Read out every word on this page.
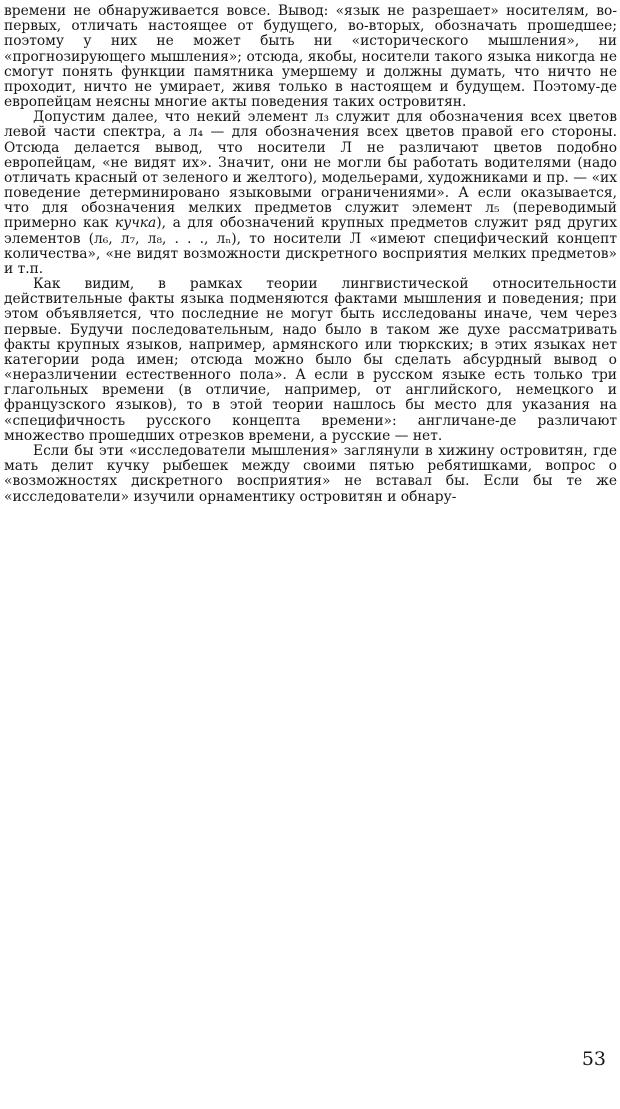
времени не обнаруживается вовсе. Вывод: «язык не разрешает» носителям, во-первых, отличать настоящее от будущего, во-вторых, обозначать прошедшее; поэтому у них не может быть ни «исторического мышления», ни «прогнозирующего мышления»; отсюда, якобы, носители такого языка никогда не смогут понять функции памятника умершему и должны думать, что ничто не проходит, ничто не умирает, живя только в настоящем и будущем. Поэтому-де европейцам неясны многие акты поведения таких островитян.

Допустим далее, что некий элемент л₃ служит для обозначения всех цветов левой части спектра, а л₄ — для обозначения всех цветов правой его стороны. Отсюда делается вывод, что носители Л не различают цветов подобно европейцам, «не видят их». Значит, они не могли бы работать водителями (надо отличать красный от зеленого и желтого), модельерами, художниками и пр. — «их поведение детерминировано языковыми ограничениями». А если оказывается, что для обозначения мелких предметов служит элемент л₅ (переводимый примерно как кучка), а для обозначений крупных предметов служит ряд других элементов (л₆, л₇, л₈, . . ., лₙ), то носители Л «имеют специфический концепт количества», «не видят возможности дискретного восприятия мелких предметов» и т.п.

Как видим, в рамках теории лингвистической относительности действительные факты языка подменяются фактами мышления и поведения; при этом объявляется, что последние не могут быть исследованы иначе, чем через первые. Будучи последовательным, надо было в таком же духе рассматривать факты крупных языков, например, армянского или тюркских; в этих языках нет категории рода имен; отсюда можно было бы сделать абсурдный вывод о «неразличении естественного пола». А если в русском языке есть только три глагольных времени (в отличие, например, от английского, немецкого и французского языков), то в этой теории нашлось бы место для указания на «специфичность русского концепта времени»: англичане-де различают множество прошедших отрезков времени, а русские — нет.

Если бы эти «исследователи мышления» заглянули в хижину островитян, где мать делит кучку рыбешек между своими пятью ребятишками, вопрос о «возможностях дискретного восприятия» не вставал бы. Если бы те же «исследователи» изучили орнаментику островитян и обнару-

53
